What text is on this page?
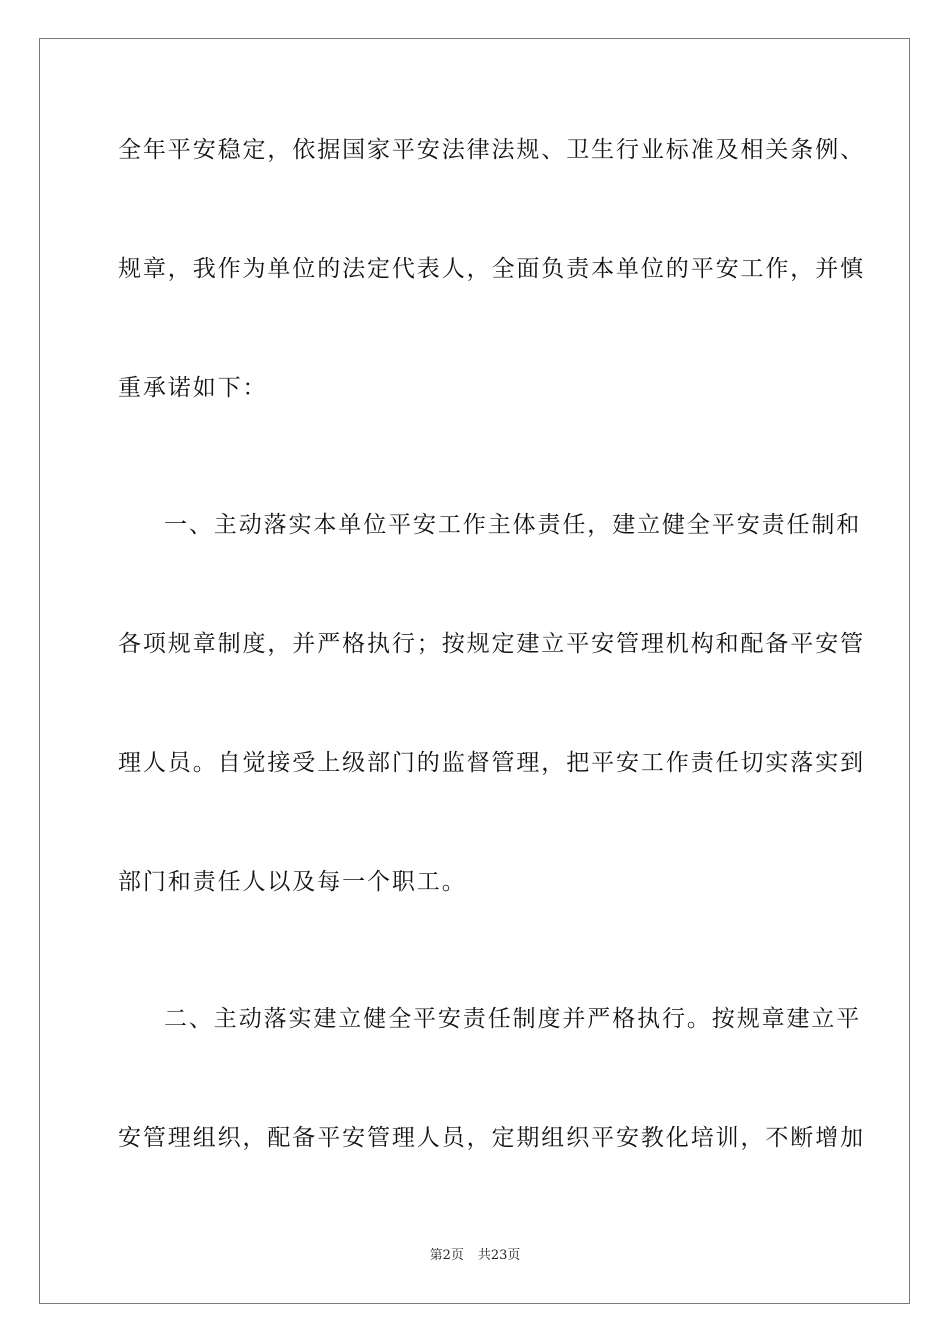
全年平安稳定，依据国家平安法律法规、卫生行业标准及相关条例、
规章，我作为单位的法定代表人，全面负责本单位的平安工作，并慎
重承诺如下：
一、主动落实本单位平安工作主体责任，建立健全平安责任制和
各项规章制度，并严格执行；按规定建立平安管理机构和配备平安管
理人员。自觉接受上级部门的监督管理，把平安工作责任切实落实到
部门和责任人以及每一个职工。
二、主动落实建立健全平安责任制度并严格执行。按规章建立平
安管理组织，配备平安管理人员，定期组织平安教化培训，不断增加
第2页 共23页
